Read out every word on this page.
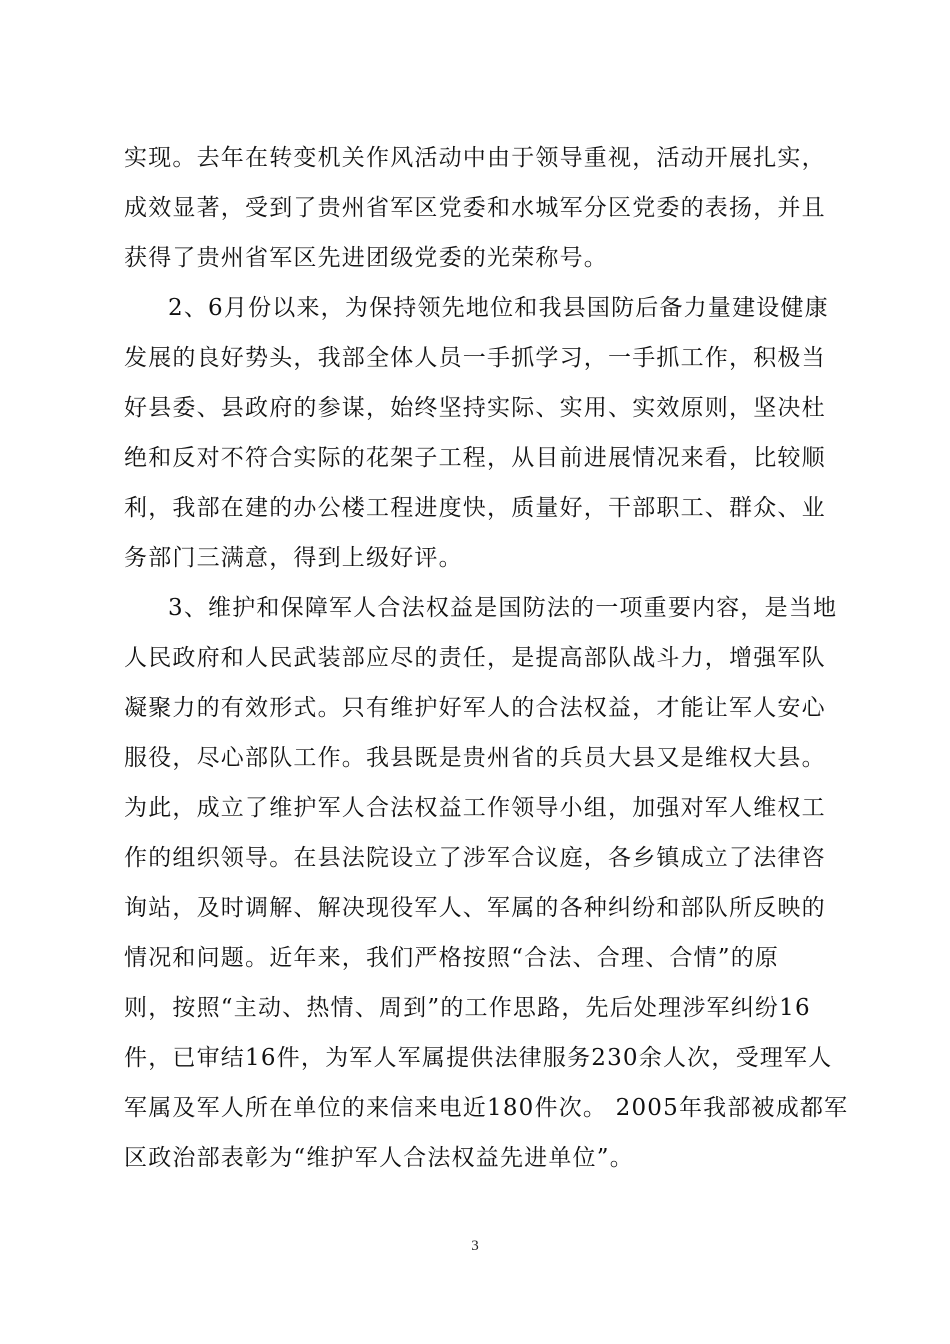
实现。去年在转变机关作风活动中由于领导重视，活动开展扎实，
成效显著，受到了贵州省军区党委和水城军分区党委的表扬，并且
获得了贵州省军区先进团级党委的光荣称号。
2、6月份以来，为保持领先地位和我县国防后备力量建设健康
发展的良好势头，我部全体人员一手抓学习，一手抓工作，积极当
好县委、县政府的参谋，始终坚持实际、实用、实效原则，坚决杜
绝和反对不符合实际的花架子工程，从目前进展情况来看，比较顺
利，我部在建的办公楼工程进度快，质量好，干部职工、群众、业
务部门三满意，得到上级好评。
3、维护和保障军人合法权益是国防法的一项重要内容，是当地
人民政府和人民武装部应尽的责任，是提高部队战斗力，增强军队
凝聚力的有效形式。只有维护好军人的合法权益，才能让军人安心
服役，尽心部队工作。我县既是贵州省的兵员大县又是维权大县。
为此，成立了维护军人合法权益工作领导小组，加强对军人维权工
作的组织领导。在县法院设立了涉军合议庭，各乡镇成立了法律咨
询站，及时调解、解决现役军人、军属的各种纠纷和部队所反映的
情况和问题。近年来，我们严格按照“合法、合理、合情”的原
则，按照“主动、热情、周到”的工作思路，先后处理涉军纠纷16
件，已审结16件，为军人军属提供法律服务230余人次，受理军人
军属及军人所在单位的来信来电近180件次。 2005年我部被成都军
区政治部表彰为“维护军人合法权益先进单位”。
3
